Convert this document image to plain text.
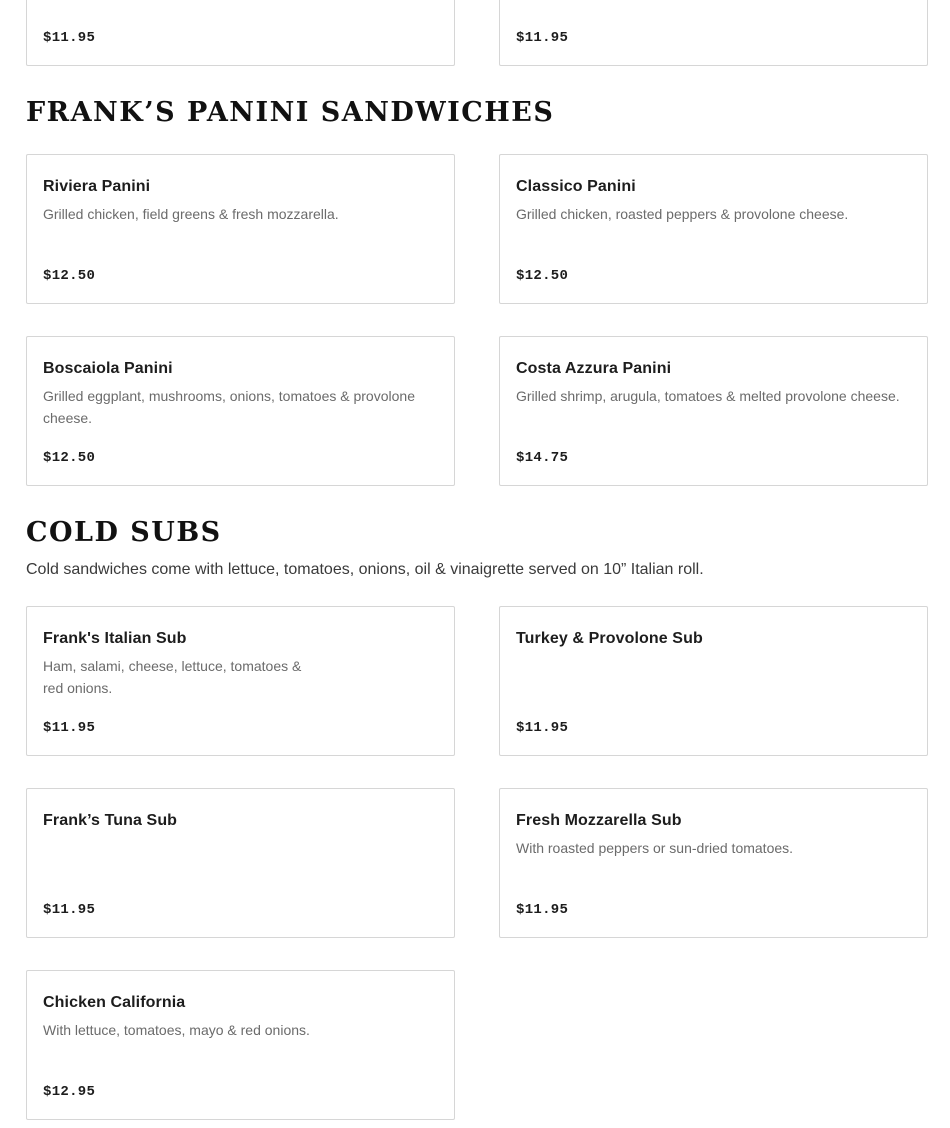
$11.95	$11.95
FRANK’S PANINI SANDWICHES
Riviera Panini
Grilled chicken, field greens & fresh mozzarella.
$12.50
Classico Panini
Grilled chicken, roasted peppers & provolone cheese.
$12.50
Boscaiola Panini
Grilled eggplant, mushrooms, onions, tomatoes & provolone cheese.
$12.50
Costa Azzura Panini
Grilled shrimp, arugula, tomatoes & melted provolone cheese.
$14.75
COLD SUBS
Cold sandwiches come with lettuce, tomatoes, onions, oil & vinaigrette served on 10” Italian roll.
Frank's Italian Sub
Ham, salami, cheese, lettuce, tomatoes & red onions.
$11.95
Turkey & Provolone Sub
$11.95
Frank’s Tuna Sub
$11.95
Fresh Mozzarella Sub
With roasted peppers or sun-dried tomatoes.
$11.95
Chicken California
With lettuce, tomatoes, mayo & red onions.
$12.95
